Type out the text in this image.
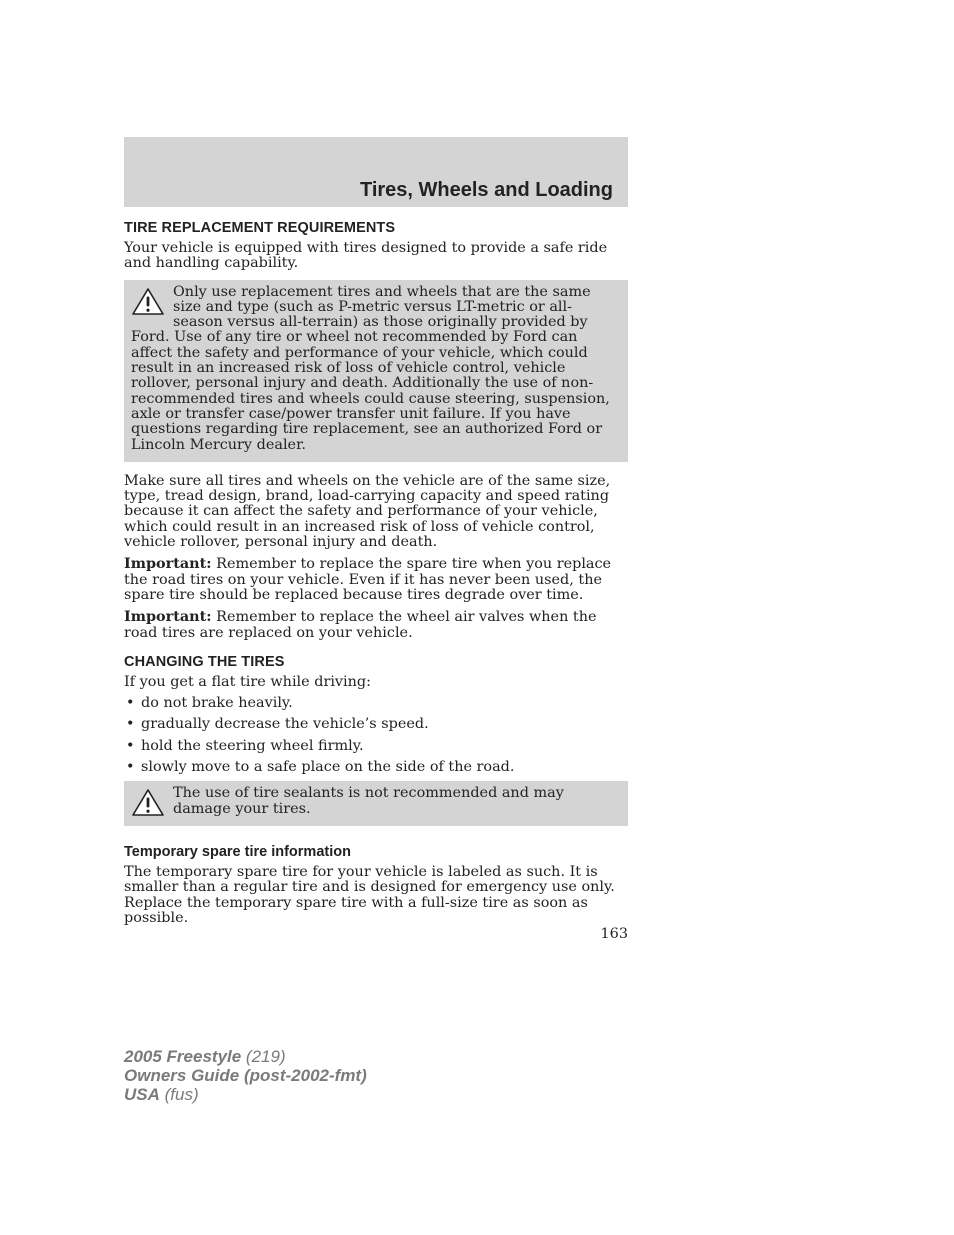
Tires, Wheels and Loading
TIRE REPLACEMENT REQUIREMENTS

Your vehicle is equipped with tires designed to provide a safe ride and handling capability.

Only use replacement tires and wheels that are the same size and type (such as P-metric versus LT-metric or all-season versus all-terrain) as those originally provided by Ford. Use of any tire or wheel not recommended by Ford can affect the safety and performance of your vehicle, which could result in an increased risk of loss of vehicle control, vehicle rollover, personal injury and death. Additionally the use of non-recommended tires and wheels could cause steering, suspension, axle or transfer case/power transfer unit failure. If you have questions regarding tire replacement, see an authorized Ford or Lincoln Mercury dealer.

Make sure all tires and wheels on the vehicle are of the same size, type, tread design, brand, load-carrying capacity and speed rating because it can affect the safety and performance of your vehicle, which could result in an increased risk of loss of vehicle control, vehicle rollover, personal injury and death.

Important: Remember to replace the spare tire when you replace the road tires on your vehicle. Even if it has never been used, the spare tire should be replaced because tires degrade over time.

Important: Remember to replace the wheel air valves when the road tires are replaced on your vehicle.

CHANGING THE TIRES

If you get a flat tire while driving:

• do not brake heavily.
• gradually decrease the vehicle’s speed.
• hold the steering wheel firmly.
• slowly move to a safe place on the side of the road.

The use of tire sealants is not recommended and may damage your tires.

Temporary spare tire information

The temporary spare tire for your vehicle is labeled as such. It is smaller than a regular tire and is designed for emergency use only. Replace the temporary spare tire with a full-size tire as soon as possible.

163
2005 Freestyle (219)
Owners Guide (post-2002-fmt)
USA (fus)
